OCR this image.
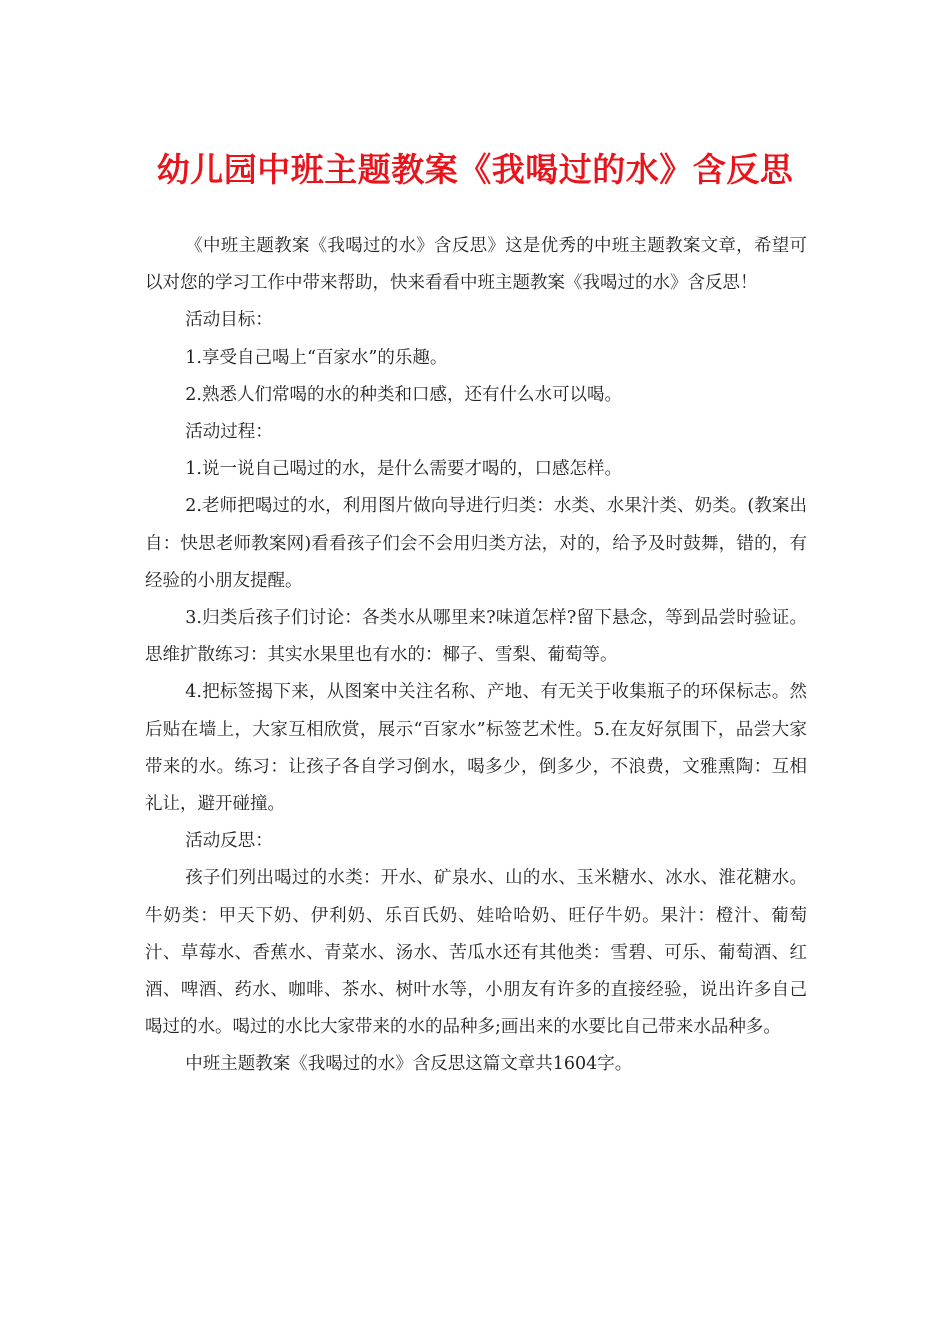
幼儿园中班主题教案《我喝过的水》含反思

《中班主题教案《我喝过的水》含反思》这是优秀的中班主题教案文章，希望可以对您的学习工作中带来帮助，快来看看中班主题教案《我喝过的水》含反思！

活动目标：

1.享受自己喝上“百家水”的乐趣。

2.熟悉人们常喝的水的种类和口感，还有什么水可以喝。

活动过程：

1.说一说自己喝过的水，是什么需要才喝的，口感怎样。

2.老师把喝过的水，利用图片做向导进行归类：水类、水果汁类、奶类。(教案出自：快思老师教案网)看看孩子们会不会用归类方法，对的，给予及时鼓舞，错的，有经验的小朋友提醒。

3.归类后孩子们讨论：各类水从哪里来?味道怎样?留下悬念，等到品尝时验证。思维扩散练习：其实水果里也有水的：椰子、雪梨、葡萄等。

4.把标签揭下来，从图案中关注名称、产地、有无关于收集瓶子的环保标志。然后贴在墙上，大家互相欣赏，展示“百家水”标签艺术性。5.在友好氛围下，品尝大家带来的水。练习：让孩子各自学习倒水，喝多少，倒多少，不浪费，文雅熏陶：互相礼让，避开碰撞。

活动反思：

孩子们列出喝过的水类：开水、矿泉水、山的水、玉米糖水、冰水、淮花糖水。牛奶类：甲天下奶、伊利奶、乐百氏奶、娃哈哈奶、旺仔牛奶。果汁：橙汁、葡萄汁、草莓水、香蕉水、青菜水、汤水、苦瓜水还有其他类：雪碧、可乐、葡萄酒、红酒、啤酒、药水、咖啡、茶水、树叶水等，小朋友有许多的直接经验，说出许多自己喝过的水。喝过的水比大家带来的水的品种多;画出来的水要比自己带来水品种多。

中班主题教案《我喝过的水》含反思这篇文章共1604字。
